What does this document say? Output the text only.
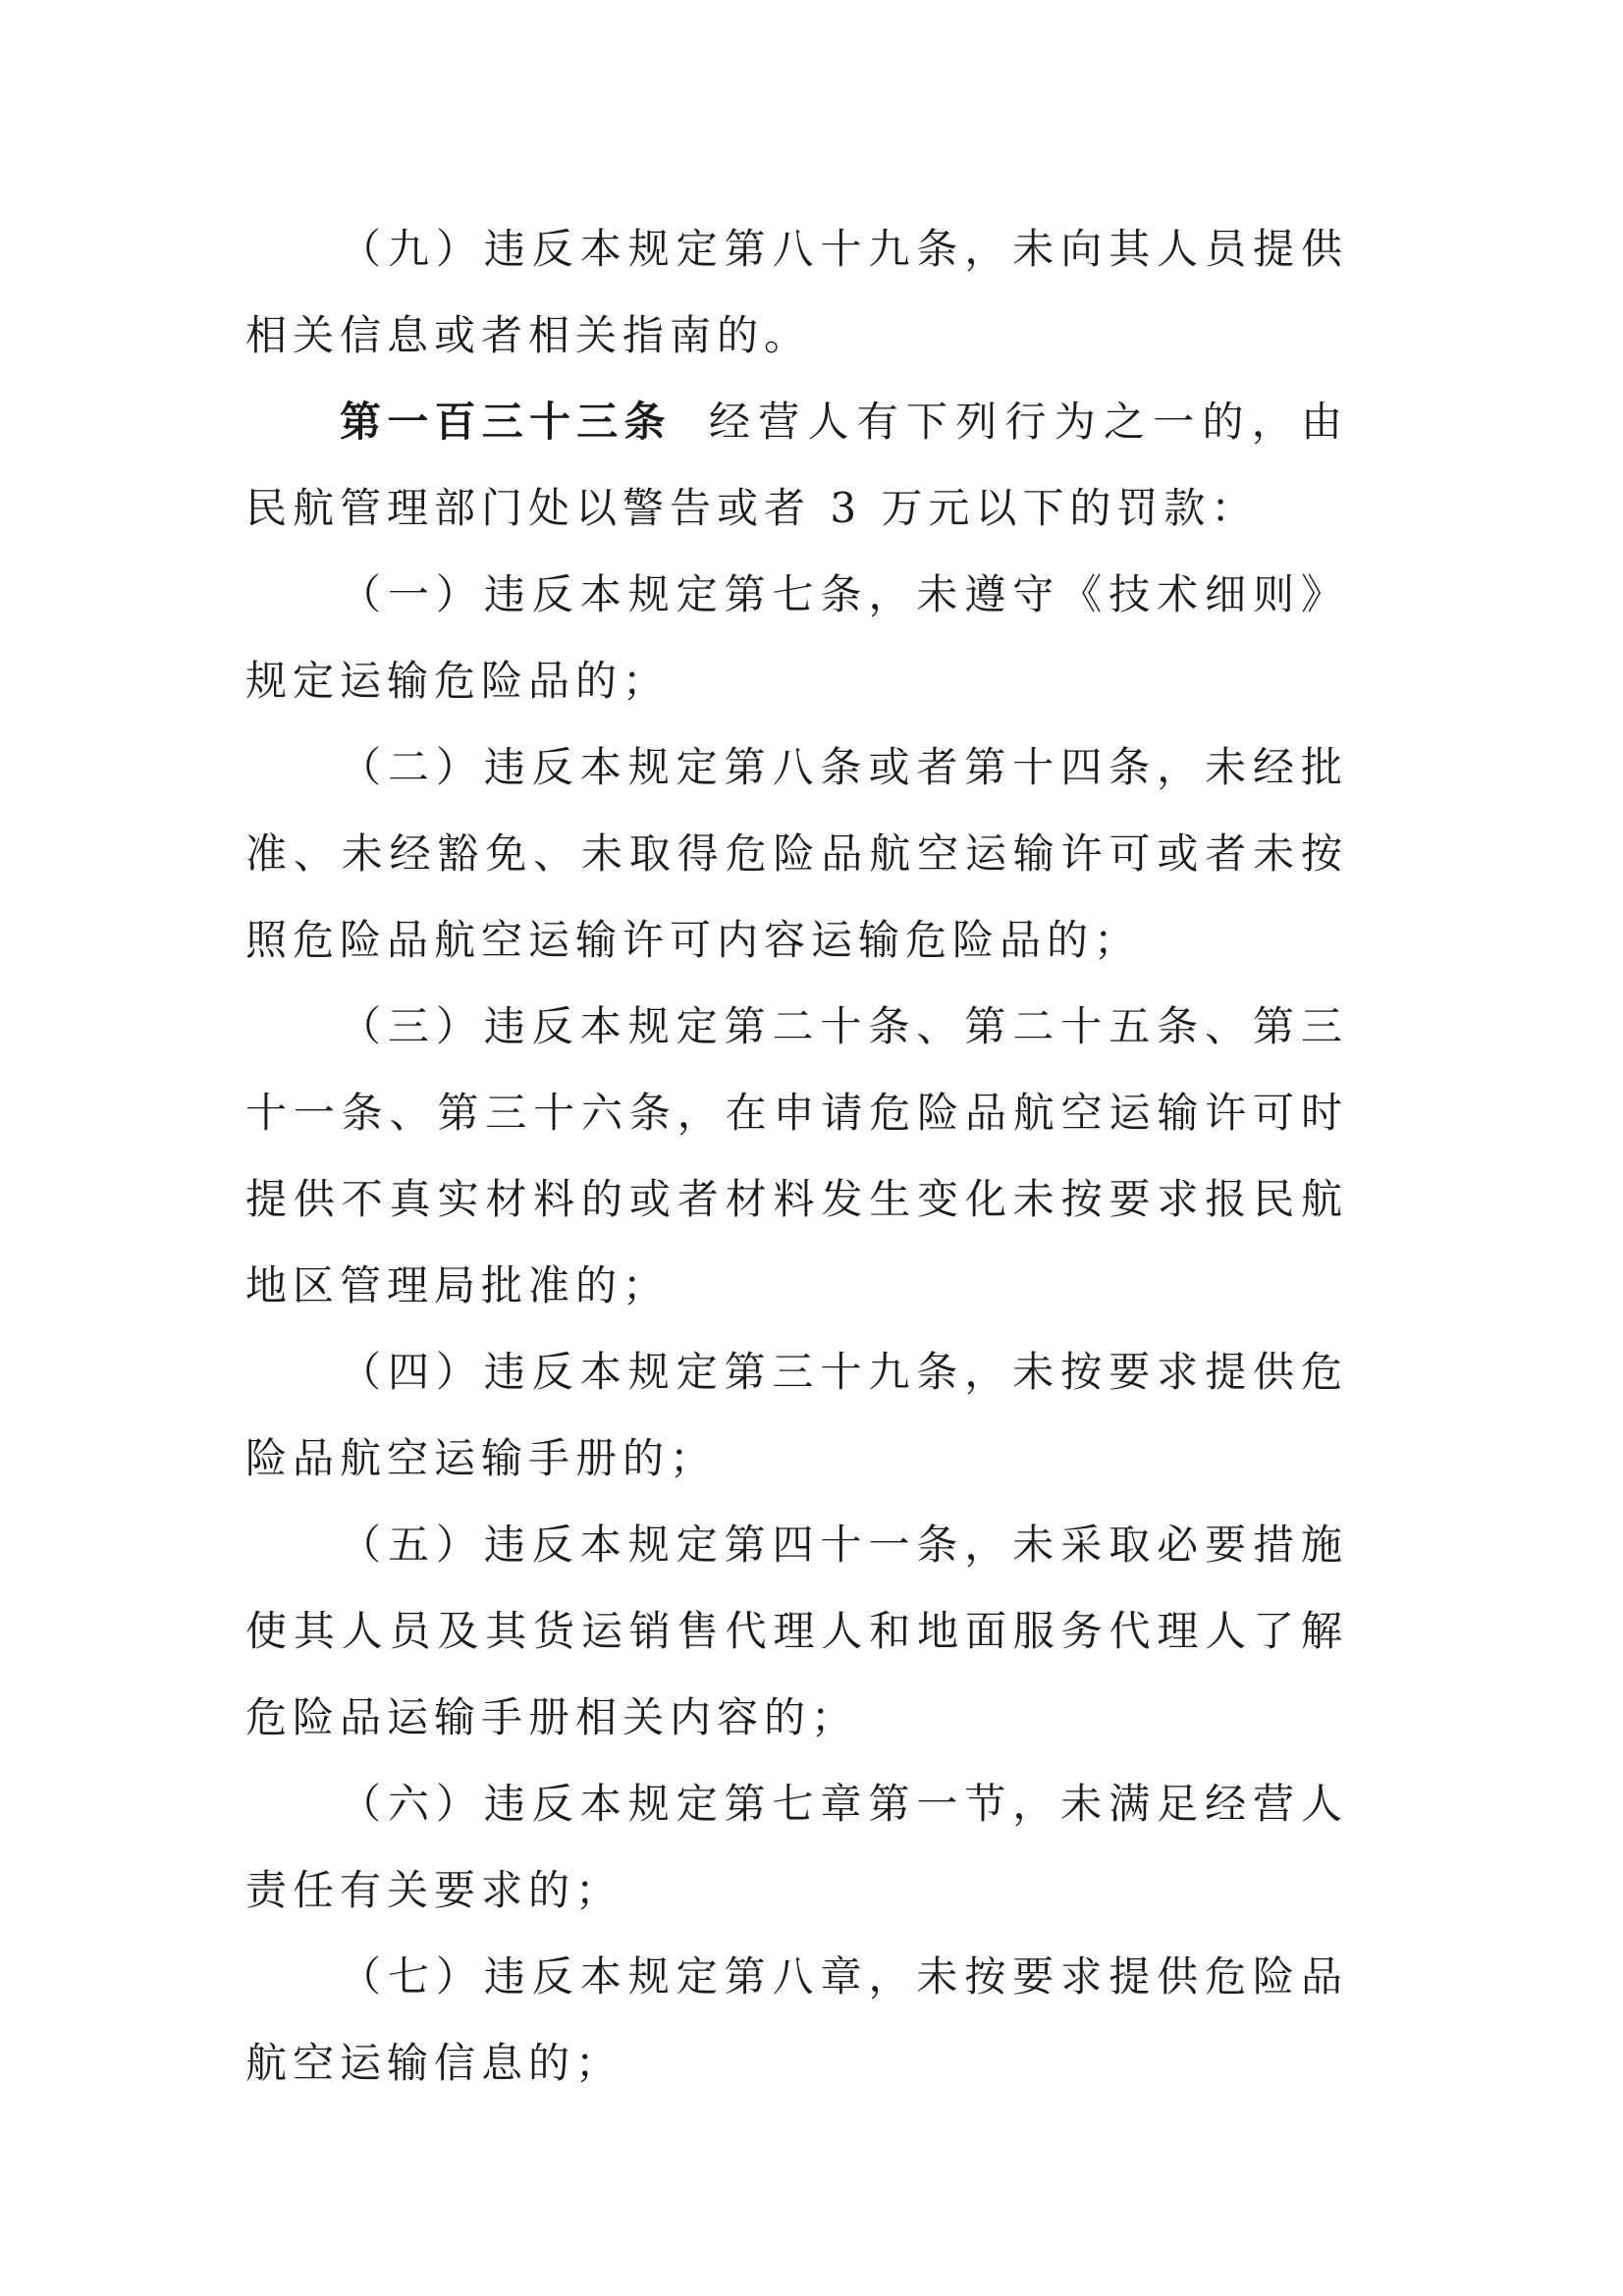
（九）违反本规定第八十九条，未向其人员提供相关信息或者相关指南的。

第一百三十三条 经营人有下列行为之一的，由民航管理部门处以警告或者 3 万元以下的罚款：

（一）违反本规定第七条，未遵守《技术细则》规定运输危险品的；

（二）违反本规定第八条或者第十四条，未经批准、未经豁免、未取得危险品航空运输许可或者未按照危险品航空运输许可内容运输危险品的；

（三）违反本规定第二十条、第二十五条、第三十一条、第三十六条，在申请危险品航空运输许可时提供不真实材料的或者材料发生变化未按要求报民航地区管理局批准的；

（四）违反本规定第三十九条，未按要求提供危险品航空运输手册的；

（五）违反本规定第四十一条，未采取必要措施使其人员及其货运销售代理人和地面服务代理人了解危险品运输手册相关内容的；

（六）违反本规定第七章第一节，未满足经营人责任有关要求的；

（七）违反本规定第八章，未按要求提供危险品航空运输信息的；
